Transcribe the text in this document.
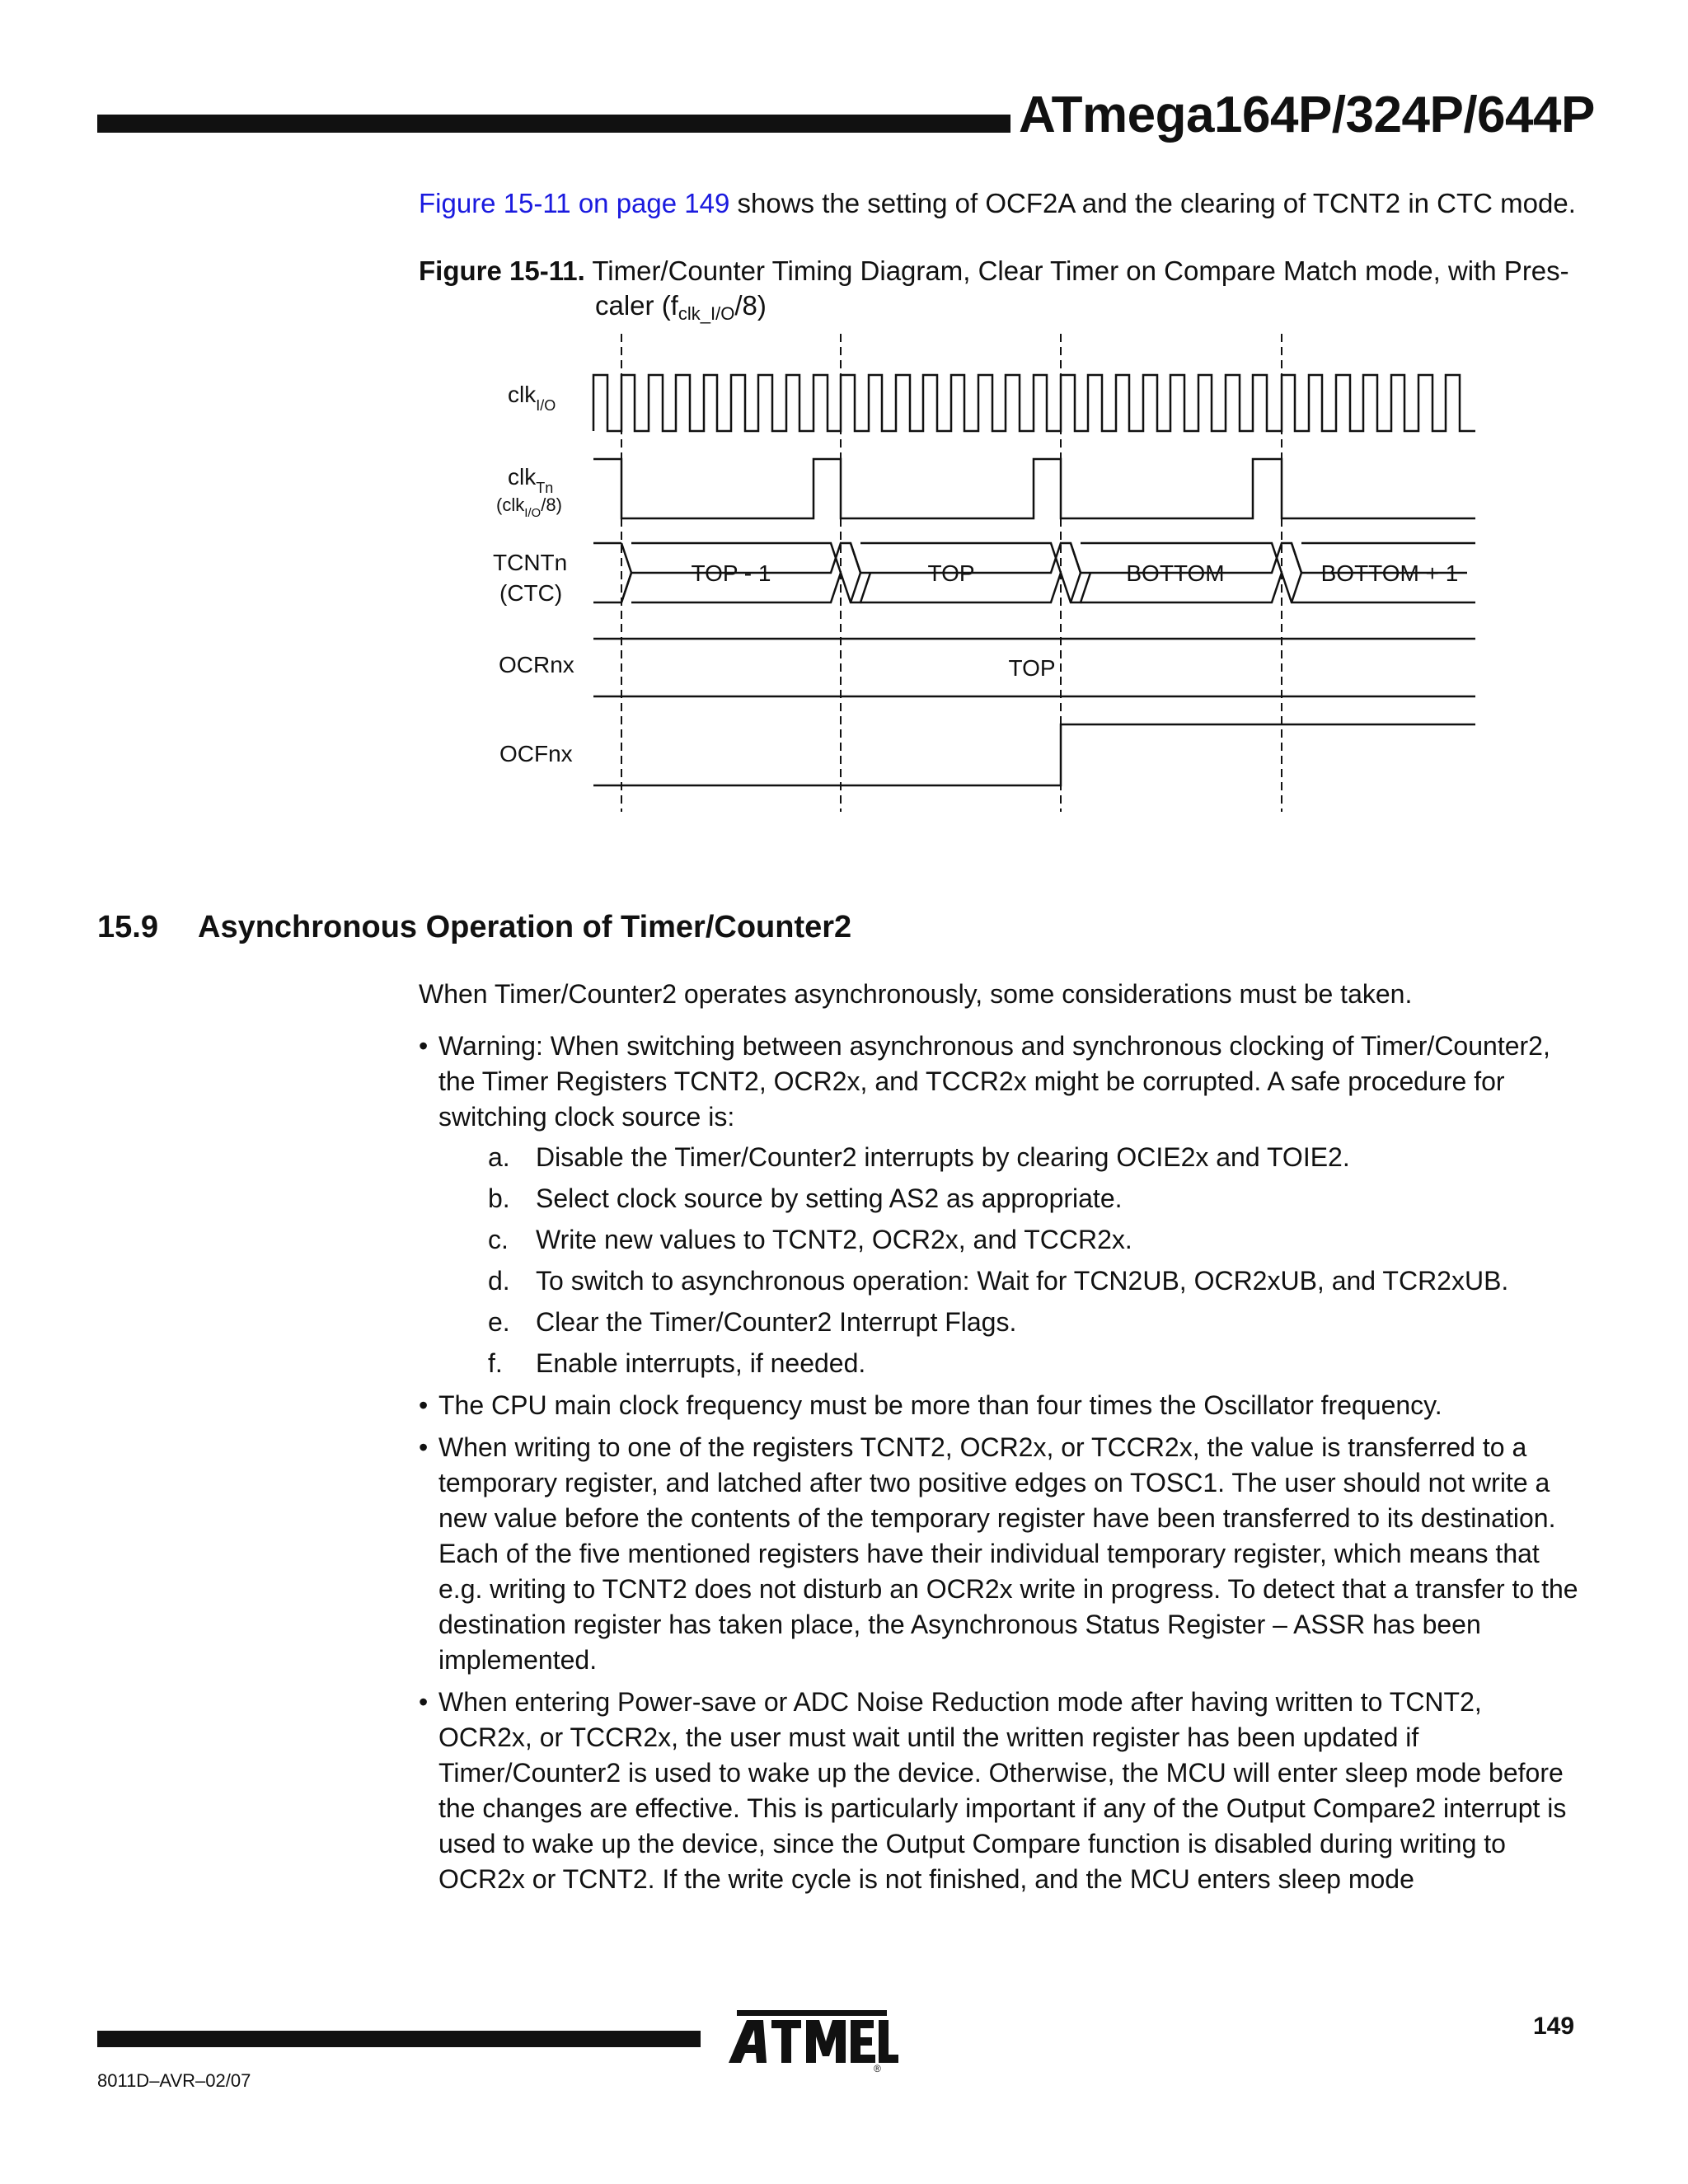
ATmega164P/324P/644P
Figure 15-11 on page 149 shows the setting of OCF2A and the clearing of TCNT2 in CTC mode.
Figure 15-11. Timer/Counter Timing Diagram, Clear Timer on Compare Match mode, with Pres-
caler $(f_{clk\_I/O}/8)$
clk$_{I/O}$
clk$_{Tn}$
(clk$_{I/O}$/8)
TCNTn
(CTC)
OCRnx
OCFnx
TOP - 1	TOP	BOTTOM	BOTTOM + 1
TOP
15.9 Asynchronous Operation of Timer/Counter2
When Timer/Counter2 operates asynchronously, some considerations must be taken.
• Warning: When switching between asynchronous and synchronous clocking of Timer/Counter2, the Timer Registers TCNT2, OCR2x, and TCCR2x might be corrupted. A safe procedure for switching clock source is:
a. Disable the Timer/Counter2 interrupts by clearing OCIE2x and TOIE2.
b. Select clock source by setting AS2 as appropriate.
c. Write new values to TCNT2, OCR2x, and TCCR2x.
d. To switch to asynchronous operation: Wait for TCN2UB, OCR2xUB, and TCR2xUB.
e. Clear the Timer/Counter2 Interrupt Flags.
f. Enable interrupts, if needed.
• The CPU main clock frequency must be more than four times the Oscillator frequency.
• When writing to one of the registers TCNT2, OCR2x, or TCCR2x, the value is transferred to a temporary register, and latched after two positive edges on TOSC1. The user should not write a new value before the contents of the temporary register have been transferred to its destination. Each of the five mentioned registers have their individual temporary register, which means that e.g. writing to TCNT2 does not disturb an OCR2x write in progress. To detect that a transfer to the destination register has taken place, the Asynchronous Status Register – ASSR has been implemented.
• When entering Power-save or ADC Noise Reduction mode after having written to TCNT2, OCR2x, or TCCR2x, the user must wait until the written register has been updated if Timer/Counter2 is used to wake up the device. Otherwise, the MCU will enter sleep mode before the changes are effective. This is particularly important if any of the Output Compare2 interrupt is used to wake up the device, since the Output Compare function is disabled during writing to OCR2x or TCNT2. If the write cycle is not finished, and the MCU enters sleep mode
®
149
8011D–AVR–02/07
